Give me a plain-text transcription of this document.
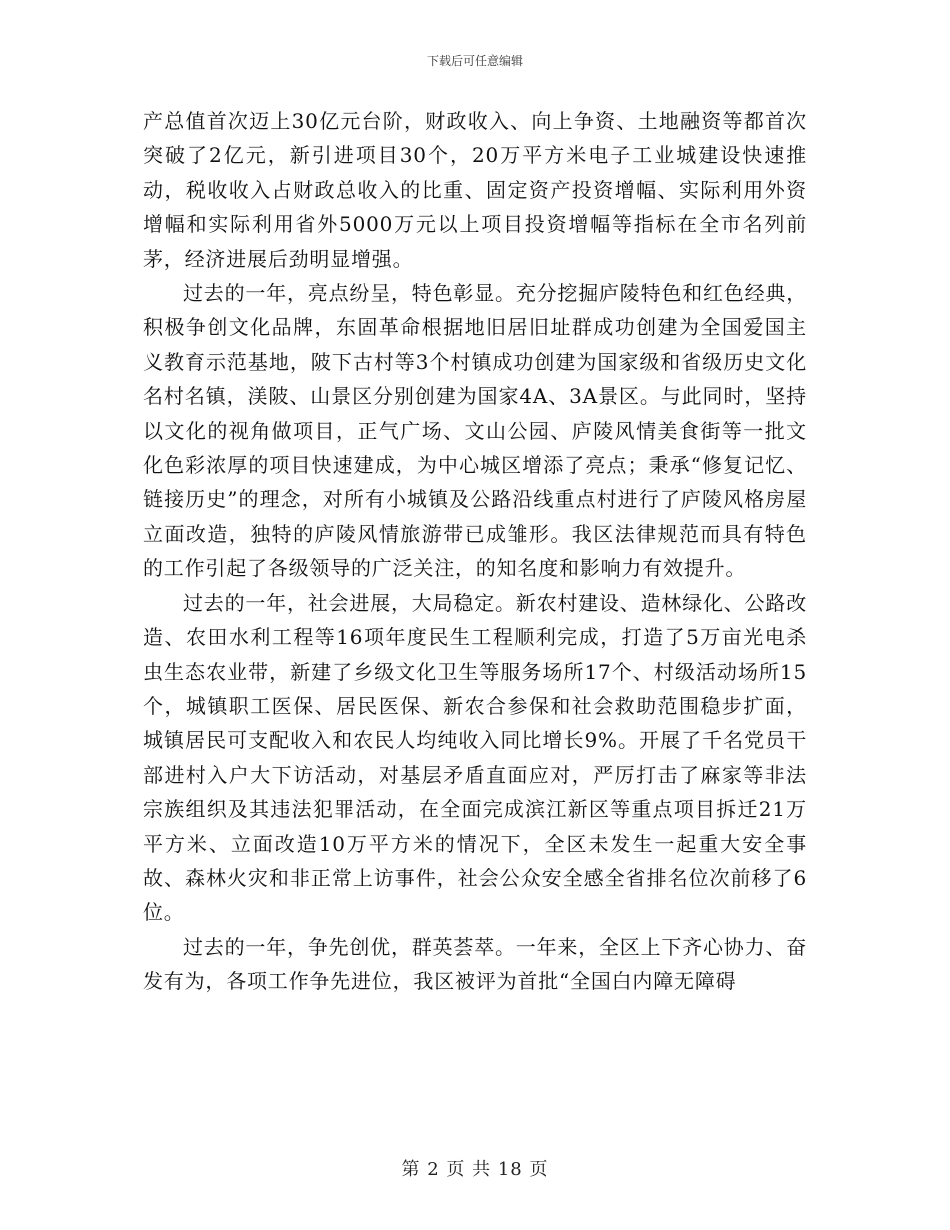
下载后可任意编辑

产总值首次迈上30亿元台阶，财政收入、向上争资、土地融资等都首次突破了2亿元，新引进项目30个，20万平方米电子工业城建设快速推动，税收收入占财政总收入的比重、固定资产投资增幅、实际利用外资增幅和实际利用省外5000万元以上项目投资增幅等指标在全市名列前茅，经济进展后劲明显增强。

过去的一年，亮点纷呈，特色彰显。充分挖掘庐陵特色和红色经典，积极争创文化品牌，东固革命根据地旧居旧址群成功创建为全国爱国主义教育示范基地，陂下古村等3个村镇成功创建为国家级和省级历史文化名村名镇，渼陂、山景区分别创建为国家4A、3A景区。与此同时，坚持以文化的视角做项目，正气广场、文山公园、庐陵风情美食街等一批文化色彩浓厚的项目快速建成，为中心城区增添了亮点；秉承“修复记忆、链接历史”的理念，对所有小城镇及公路沿线重点村进行了庐陵风格房屋立面改造，独特的庐陵风情旅游带已成雏形。我区法律规范而具有特色的工作引起了各级领导的广泛关注，的知名度和影响力有效提升。

过去的一年，社会进展，大局稳定。新农村建设、造林绿化、公路改造、农田水利工程等16项年度民生工程顺利完成，打造了5万亩光电杀虫生态农业带，新建了乡级文化卫生等服务场所17个、村级活动场所15个，城镇职工医保、居民医保、新农合参保和社会救助范围稳步扩面，城镇居民可支配收入和农民人均纯收入同比增长9%。开展了千名党员干部进村入户大下访活动，对基层矛盾直面应对，严厉打击了麻家等非法宗族组织及其违法犯罪活动，在全面完成滨江新区等重点项目拆迁21万平方米、立面改造10万平方米的情况下，全区未发生一起重大安全事故、森林火灾和非正常上访事件，社会公众安全感全省排名位次前移了6位。

过去的一年，争先创优，群英荟萃。一年来，全区上下齐心协力、奋发有为，各项工作争先进位，我区被评为首批“全国白内障无障碍

第 2 页 共 18 页
